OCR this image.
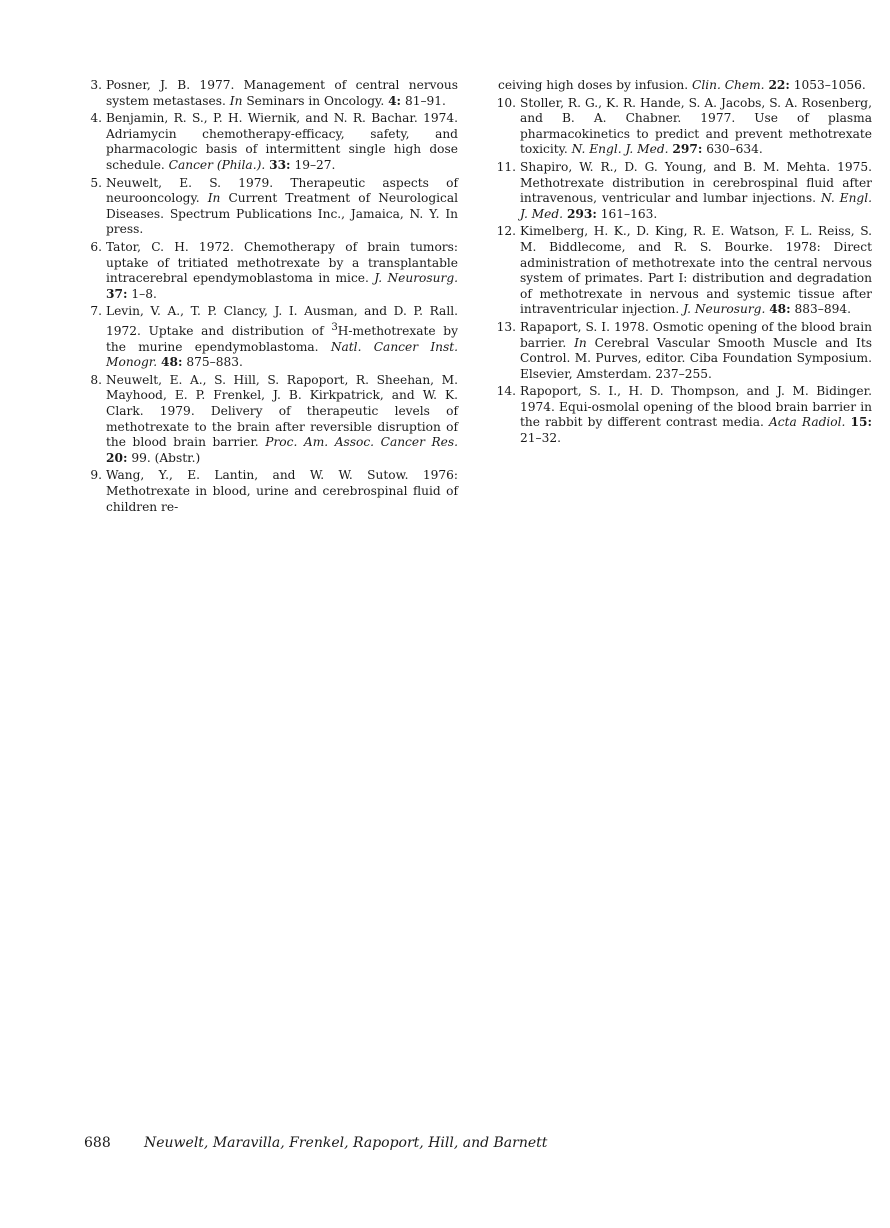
3. Posner, J. B. 1977. Management of central nervous system metastases. In Seminars in Oncology. 4: 81–91.
4. Benjamin, R. S., P. H. Wiernik, and N. R. Bachar. 1974. Adriamycin chemotherapy-efficacy, safety, and pharmacologic basis of intermittent single high dose schedule. Cancer (Phila.). 33: 19–27.
5. Neuwelt, E. S. 1979. Therapeutic aspects of neurooncology. In Current Treatment of Neurological Diseases. Spectrum Publications Inc., Jamaica, N. Y. In press.
6. Tator, C. H. 1972. Chemotherapy of brain tumors: uptake of tritiated methotrexate by a transplantable intracerebral ependymoblastoma in mice. J. Neurosurg. 37: 1–8.
7. Levin, V. A., T. P. Clancy, J. I. Ausman, and D. P. Rall. 1972. Uptake and distribution of $^3$H-methotrexate by the murine ependymoblastoma. Natl. Cancer Inst. Monogr. 48: 875–883.
8. Neuwelt, E. A., S. Hill, S. Rapoport, R. Sheehan, M. Mayhood, E. P. Frenkel, J. B. Kirkpatrick, and W. K. Clark. 1979. Delivery of therapeutic levels of methotrexate to the brain after reversible disruption of the blood brain barrier. Proc. Am. Assoc. Cancer Res. 20: 99. (Abstr.)
9. Wang, Y., E. Lantin, and W. W. Sutow. 1976: Methotrexate in blood, urine and cerebrospinal fluid of children re-
ceiving high doses by infusion. Clin. Chem. 22: 1053–1056.
10. Stoller, R. G., K. R. Hande, S. A. Jacobs, S. A. Rosenberg, and B. A. Chabner. 1977. Use of plasma pharmacokinetics to predict and prevent methotrexate toxicity. N. Engl. J. Med. 297: 630–634.
11. Shapiro, W. R., D. G. Young, and B. M. Mehta. 1975. Methotrexate distribution in cerebrospinal fluid after intravenous, ventricular and lumbar injections. N. Engl. J. Med. 293: 161–163.
12. Kimelberg, H. K., D. King, R. E. Watson, F. L. Reiss, S. M. Biddlecome, and R. S. Bourke. 1978: Direct administration of methotrexate into the central nervous system of primates. Part I: distribution and degradation of methotrexate in nervous and systemic tissue after intraventricular injection. J. Neurosurg. 48: 883–894.
13. Rapaport, S. I. 1978. Osmotic opening of the blood brain barrier. In Cerebral Vascular Smooth Muscle and Its Control. M. Purves, editor. Ciba Foundation Symposium. Elsevier, Amsterdam. 237–255.
14. Rapoport, S. I., H. D. Thompson, and J. M. Bidinger. 1974. Equi-osmolal opening of the blood brain barrier in the rabbit by different contrast media. Acta Radiol. 15: 21–32.
688 Neuwelt, Maravilla, Frenkel, Rapoport, Hill, and Barnett
